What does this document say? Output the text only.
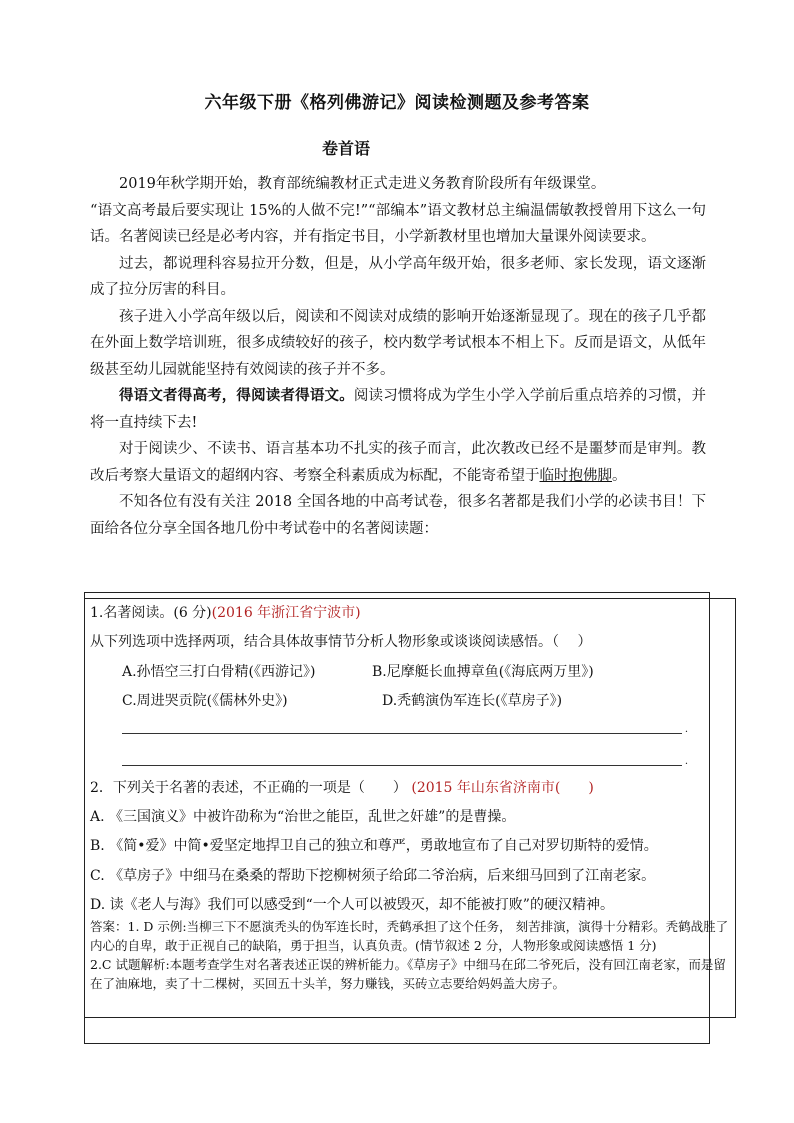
六年级下册《格列佛游记》阅读检测题及参考答案
卷首语

2019年秋学期开始，教育部统编教材正式走进义务教育阶段所有年级课堂。

“语文高考最后要实现让 15%的人做不完!”“部编本”语文教材总主编温儒敏教授曾用下这么一句话。名著阅读已经是必考内容，并有指定书目，小学新教材里也增加大量课外阅读要求。

过去，都说理科容易拉开分数，但是，从小学高年级开始，很多老师、家长发现，语文逐渐成了拉分厉害的科目。

孩子进入小学高年级以后，阅读和不阅读对成绩的影响开始逐渐显现了。现在的孩子几乎都在外面上数学培训班，很多成绩较好的孩子，校内数学考试根本不相上下。反而是语文，从低年级甚至幼儿园就能坚持有效阅读的孩子并不多。

得语文者得高考，得阅读者得语文。阅读习惯将成为学生小学入学前后重点培养的习惯，并将一直持续下去!

对于阅读少、不读书、语言基本功不扎实的孩子而言，此次教改已经不是噩梦而是审判。教改后考察大量语文的超纲内容、考察全科素质成为标配，不能寄希望于临时抱佛脚。

不知各位有没有关注 2018 全国各地的中高考试卷，很多名著都是我们小学的必读书目！下面给各位分享全国各地几份中考试卷中的名著阅读题：

1.名著阅读。(6 分)(2016 年浙江省宁波市)
从下列选项中选择两项，结合具体故事情节分析人物形象或谈谈阅读感悟。（　 ）
A.孙悟空三打白骨精(《西游记》)	B.尼摩艇长血搏章鱼(《海底两万里》)
C.周进哭贡院(《儒林外史》)	D.秃鹤演伪军连长(《草房子》)
.
.
2．下列关于名著的表述，不正确的一项是（　　） (2015 年山东省济南市(　　)
A. 《三国演义》中被许劭称为“治世之能臣，乱世之奸雄”的是曹操。
B. 《简•爱》中简•爱坚定地捍卫自己的独立和尊严，勇敢地宣布了自己对罗切斯特的爱情。
C. 《草房子》中细马在桑桑的帮助下挖柳树须子给邱二爷治病，后来细马回到了江南老家。
D. 读《老人与海》我们可以感受到“一个人可以被毁灭，却不能被打败”的硬汉精神。

答案：1. D 示例:当柳三下不愿演秃头的伪军连长时，秃鹤承担了这个任务， 刻苦排演，演得十分精彩。秃鹤战胜了内心的自卑，敢于正视自己的缺陷，勇于担当，认真负责。(情节叙述 2 分，人物形象或阅读感悟 1 分)

2.C 试题解析:本题考查学生对名著表述正误的辨析能力。《草房子》中细马在邱二爷死后，没有回江南老家，而是留在了油麻地，卖了十二棵树，买回五十头羊，努力赚钱，买砖立志要给妈妈盖大房子。
